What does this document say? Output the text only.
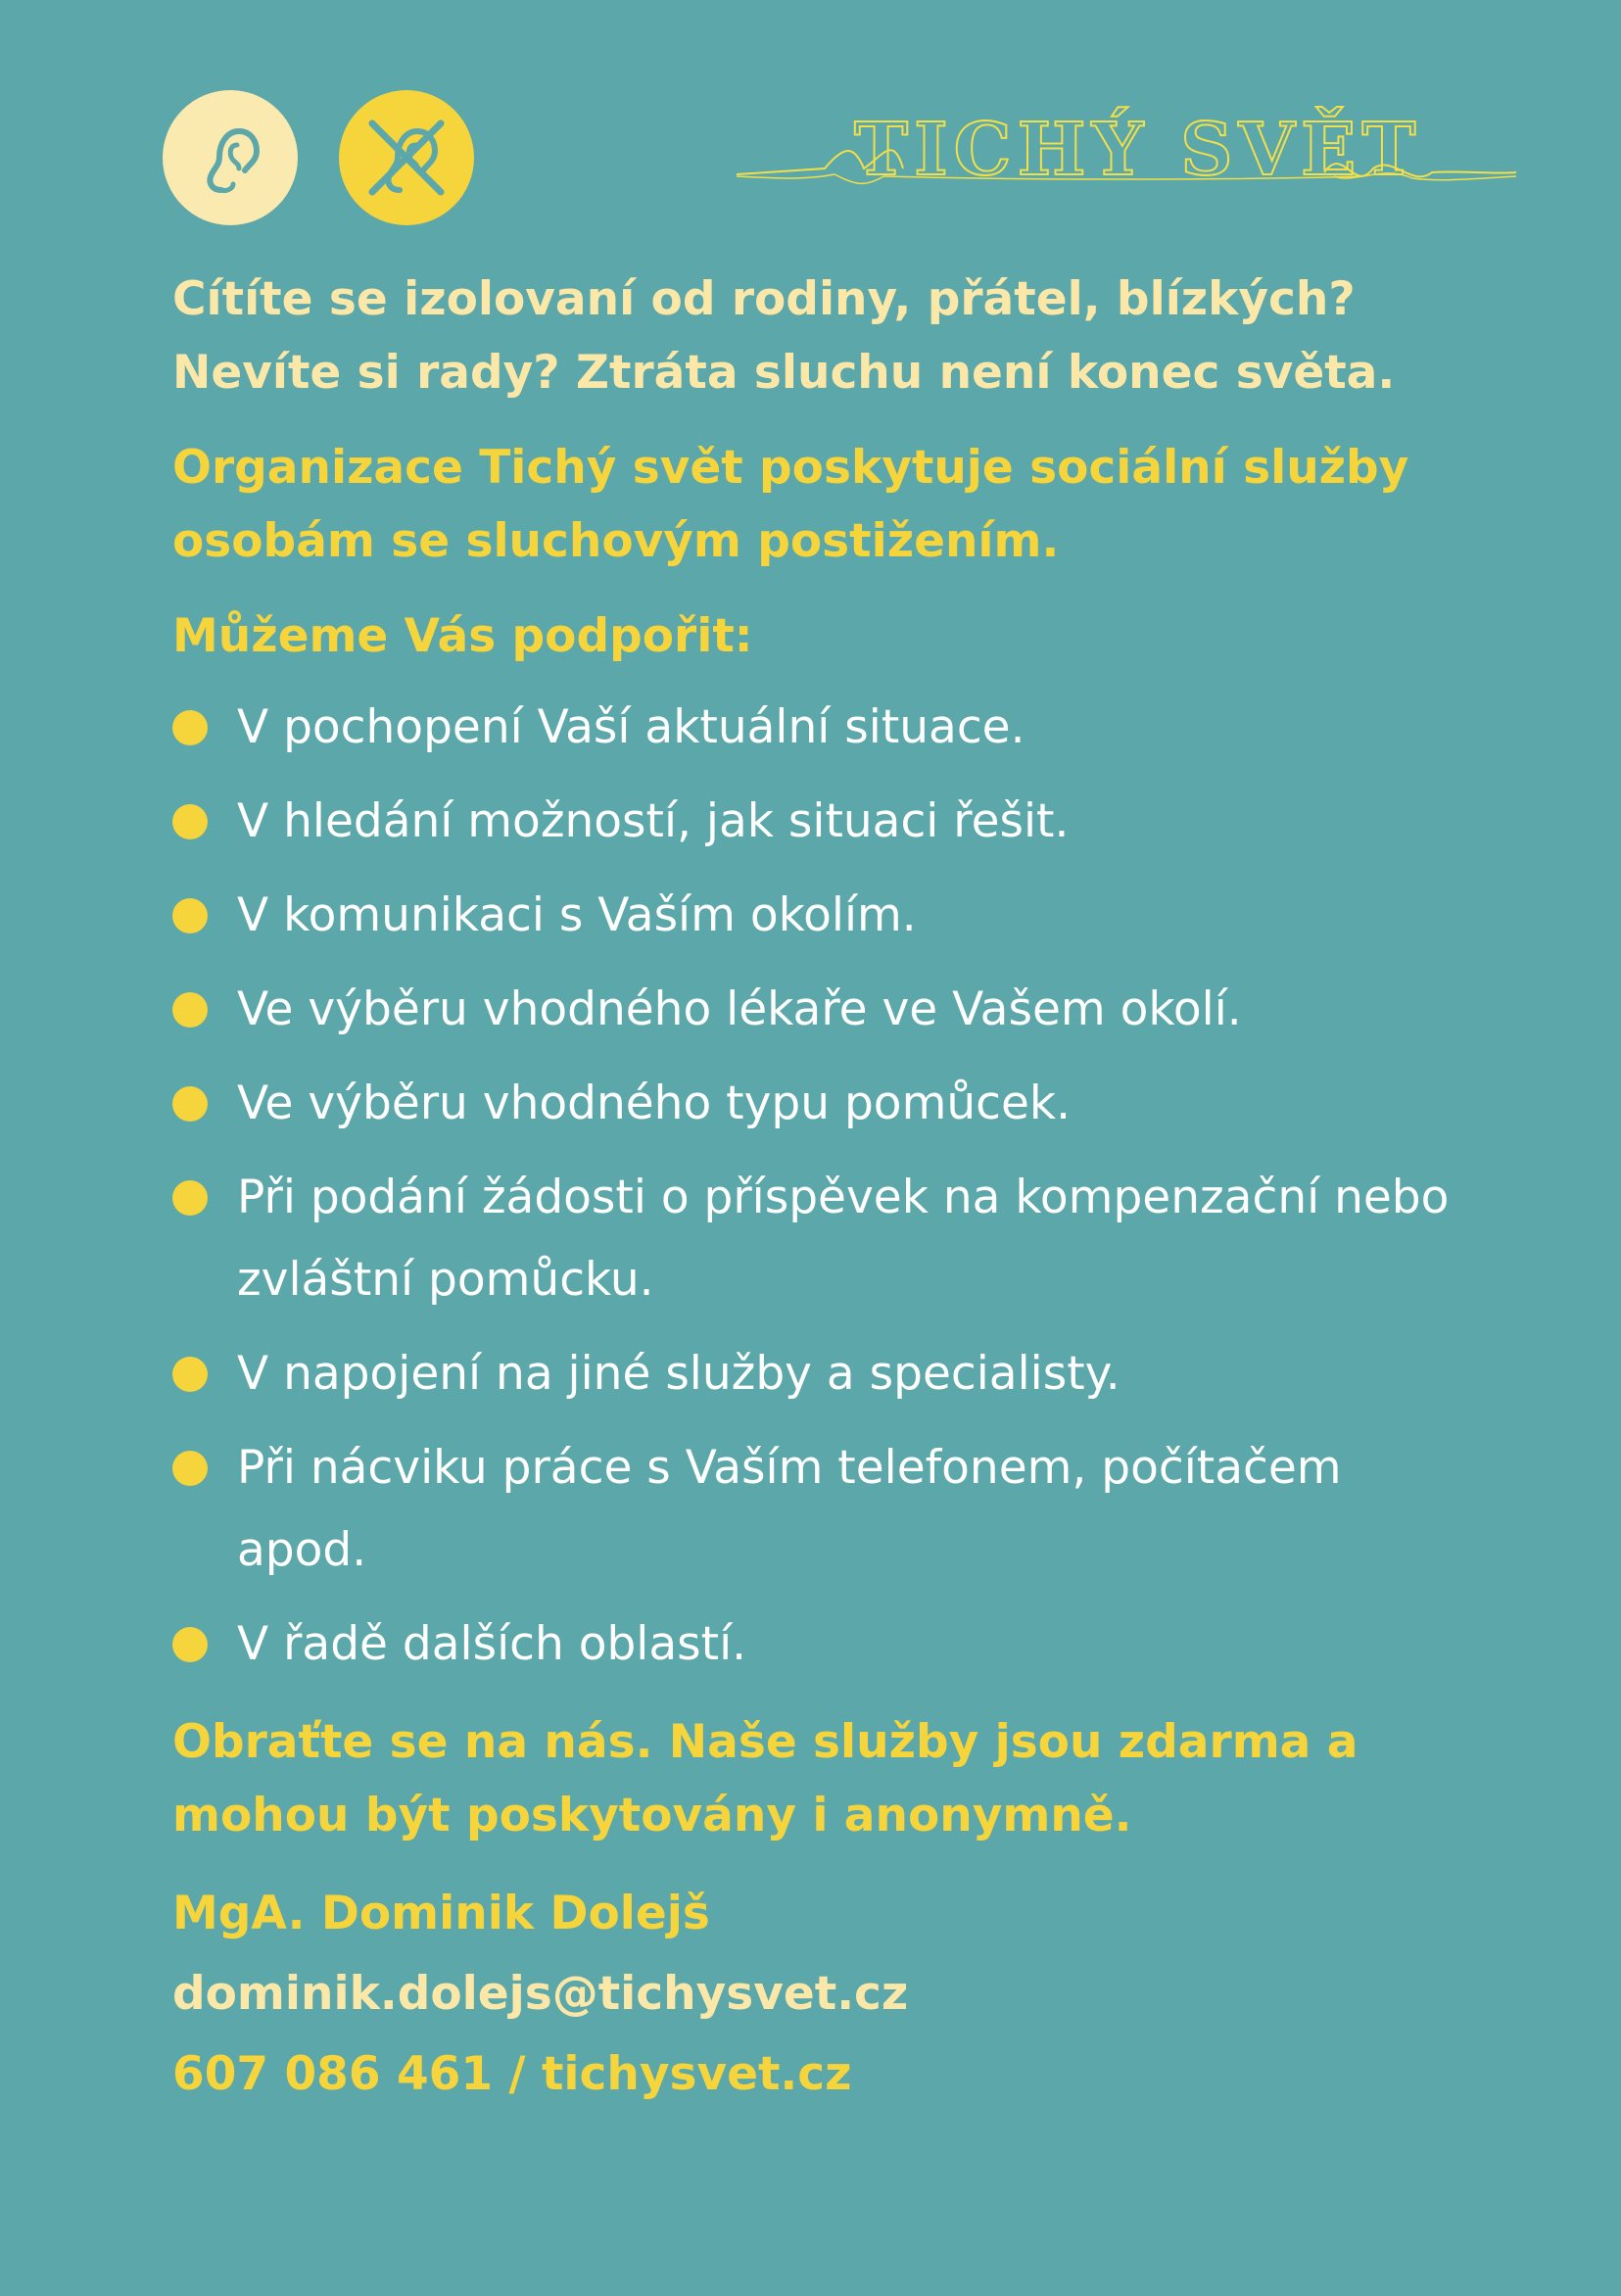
TICHÝ SVĚT

Cítíte se izolovaní od rodiny, přátel, blízkých? Nevíte si rady? Ztráta sluchu není konec světa.

Organizace Tichý svět poskytuje sociální služby osobám se sluchovým postižením.

Můžeme Vás podpořit:

V pochopení Vaší aktuální situace.
V hledání možností, jak situaci řešit.
V komunikaci s Vaším okolím.
Ve výběru vhodného lékaře ve Vašem okolí.
Ve výběru vhodného typu pomůcek.
Při podání žádosti o příspěvek na kompenzační nebo zvláštní pomůcku.
V napojení na jiné služby a specialisty.
Při nácviku práce s Vaším telefonem, počítačem apod.
V řadě dalších oblastí.

Obraťte se na nás. Naše služby jsou zdarma a mohou být poskytovány i anonymně.

MgA. Dominik Dolejš

dominik.dolejs@tichysvet.cz

607 086 461 / tichysvet.cz
